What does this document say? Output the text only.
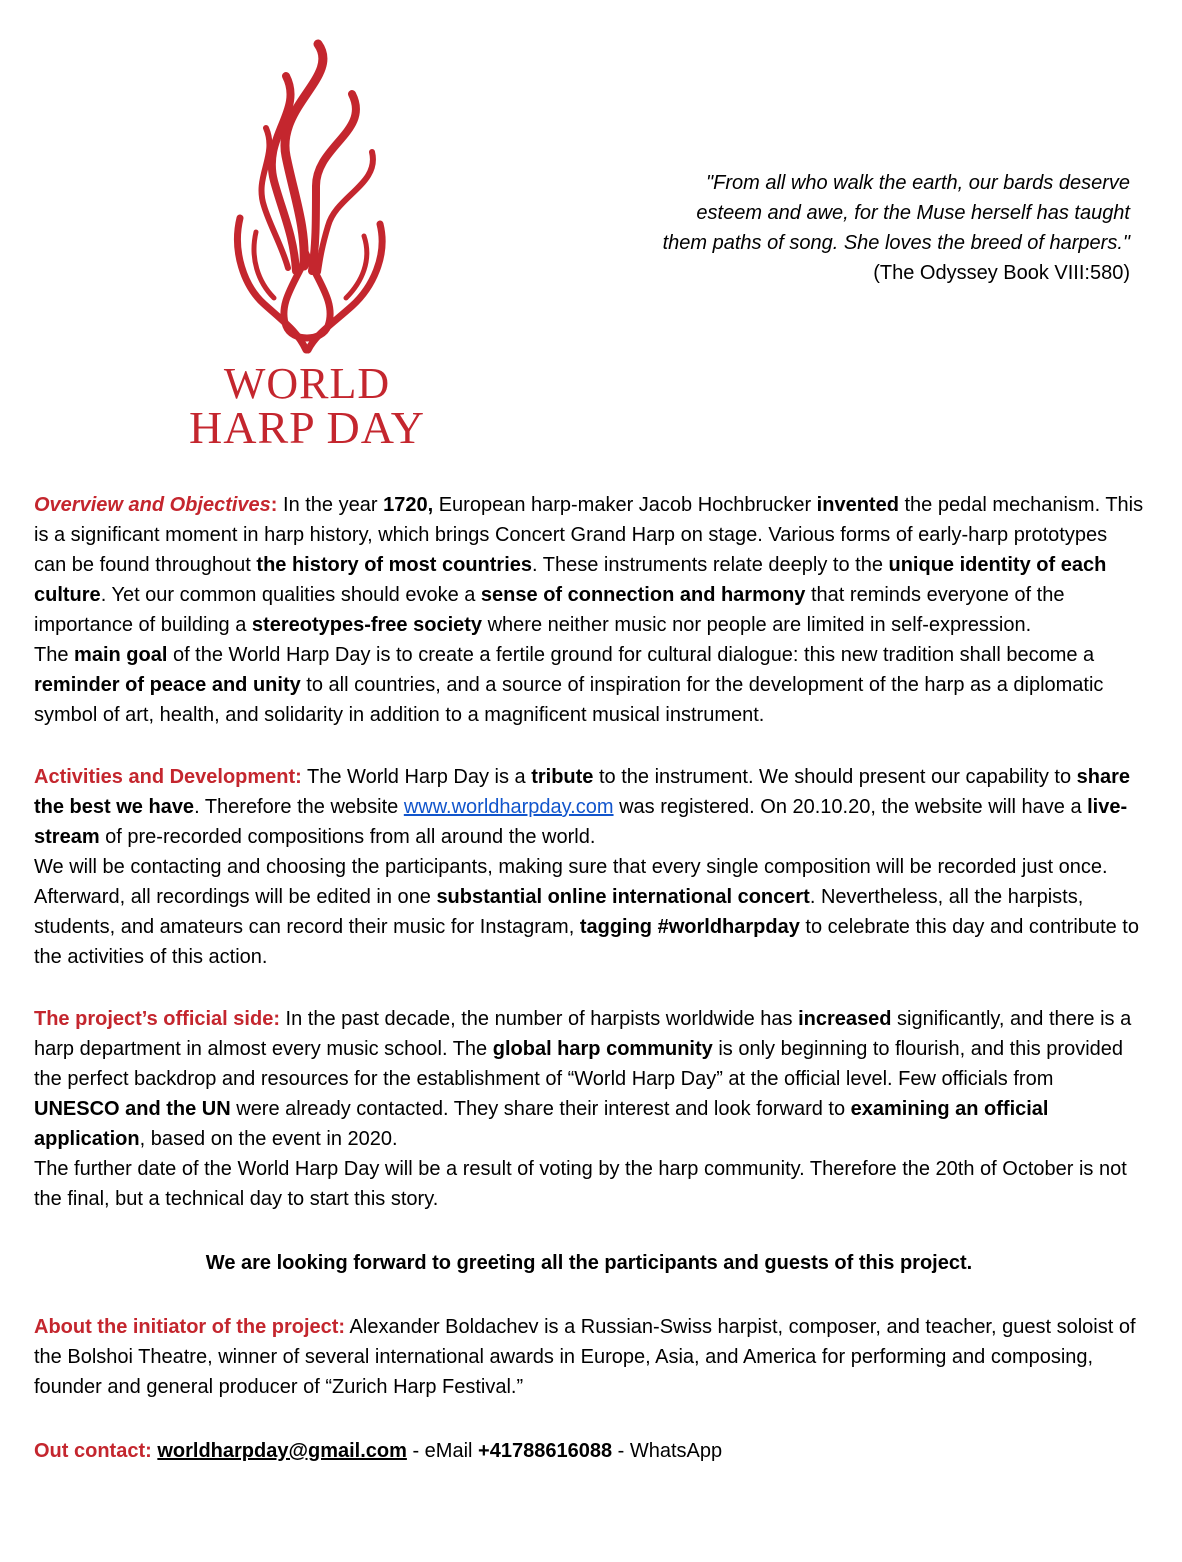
WORLD
HARP DAY
"From all who walk the earth, our bards deserve
esteem and awe, for the Muse herself has taught
them paths of song. She loves the breed of harpers."
(The Odyssey Book VIII:580)

Overview and Objectives: In the year 1720, European harp-maker Jacob Hochbrucker invented the pedal mechanism. This is a significant moment in harp history, which brings Concert Grand Harp on stage. Various forms of early-harp prototypes can be found throughout the history of most countries. These instruments relate deeply to the unique identity of each culture. Yet our common qualities should evoke a sense of connection and harmony that reminds everyone of the importance of building a stereotypes-free society where neither music nor people are limited in self-expression.

The main goal of the World Harp Day is to create a fertile ground for cultural dialogue: this new tradition shall become a reminder of peace and unity to all countries, and a source of inspiration for the development of the harp as a diplomatic symbol of art, health, and solidarity in addition to a magnificent musical instrument.

Activities and Development: The World Harp Day is a tribute to the instrument. We should present our capability to share the best we have. Therefore the website www.worldharpday.com was registered. On 20.10.20, the website will have a live-stream of pre-recorded compositions from all around the world.

We will be contacting and choosing the participants, making sure that every single composition will be recorded just once. Afterward, all recordings will be edited in one substantial online international concert. Nevertheless, all the harpists, students, and amateurs can record their music for Instagram, tagging #worldharpday to celebrate this day and contribute to the activities of this action.

The project’s official side: In the past decade, the number of harpists worldwide has increased significantly, and there is a harp department in almost every music school. The global harp community is only beginning to flourish, and this provided the perfect backdrop and resources for the establishment of “World Harp Day” at the official level. Few officials from UNESCO and the UN were already contacted. They share their interest and look forward to examining an official application, based on the event in 2020.

The further date of the World Harp Day will be a result of voting by the harp community. Therefore the 20th of October is not the final, but a technical day to start this story.

We are looking forward to greeting all the participants and guests of this project.

About the initiator of the project: Alexander Boldachev is a Russian-Swiss harpist, composer, and teacher, guest soloist of the Bolshoi Theatre, winner of several international awards in Europe, Asia, and America for performing and composing, founder and general producer of “Zurich Harp Festival.”

Out contact: worldharpday@gmail.com - eMail +41788616088 - WhatsApp
